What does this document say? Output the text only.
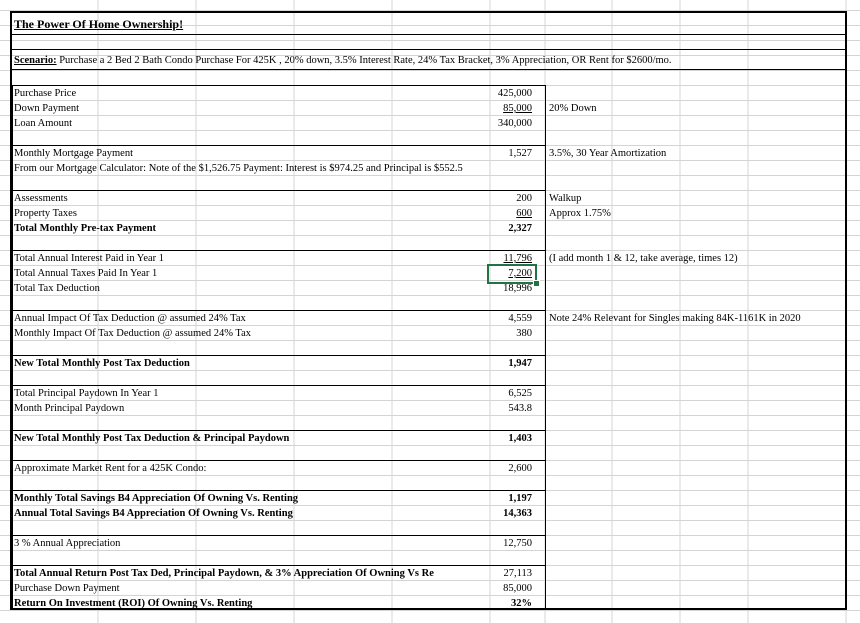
The Power Of Home Ownership!
Scenario: Purchase a 2 Bed 2 Bath Condo Purchase For 425K , 20% down, 3.5% Interest Rate, 24% Tax Bracket, 3% Appreciation, OR Rent for $2600/mo.
Purchase Price	425,000
Down Payment	85,000 20% Down
Loan Amount	340,000
Monthly Mortgage Payment	1,527 3.5%, 30 Year Amortization
From our Mortgage Calculator: Note of the $1,526.75 Payment: Interest is $974.25 and Principal is $552.5
Assessments	200 Walkup
Property Taxes	600 Approx 1.75%
Total Monthly Pre-tax Payment	2,327
Total Annual Interest Paid in Year 1	11,796 (I add month 1 & 12, take average, times 12)
Total Annual Taxes Paid In Year 1	7,200
Total Tax Deduction	18,996
Annual Impact Of Tax Deduction @ assumed 24% Tax	4,559 Note 24% Relevant for Singles making 84K-1161K in 2020
Monthly Impact Of Tax Deduction @ assumed 24% Tax	380
New Total Monthly Post Tax Deduction	1,947
Total Principal Paydown In Year 1	6,525
Month Principal Paydown	543.8
New Total Monthly Post Tax Deduction & Principal Paydown	1,403
Approximate Market Rent for a 425K Condo:	2,600
Monthly Total Savings B4 Appreciation Of Owning Vs. Renting	1,197
Annual Total Savings B4 Appreciation Of Owning Vs. Renting	14,363
3 % Annual Appreciation	12,750
Total Annual Return Post Tax Ded, Principal Paydown, & 3% Appreciation Of Owning Vs Re	27,113
Purchase Down Payment	85,000
Return On Investment (ROI) Of Owning Vs. Renting	32%
